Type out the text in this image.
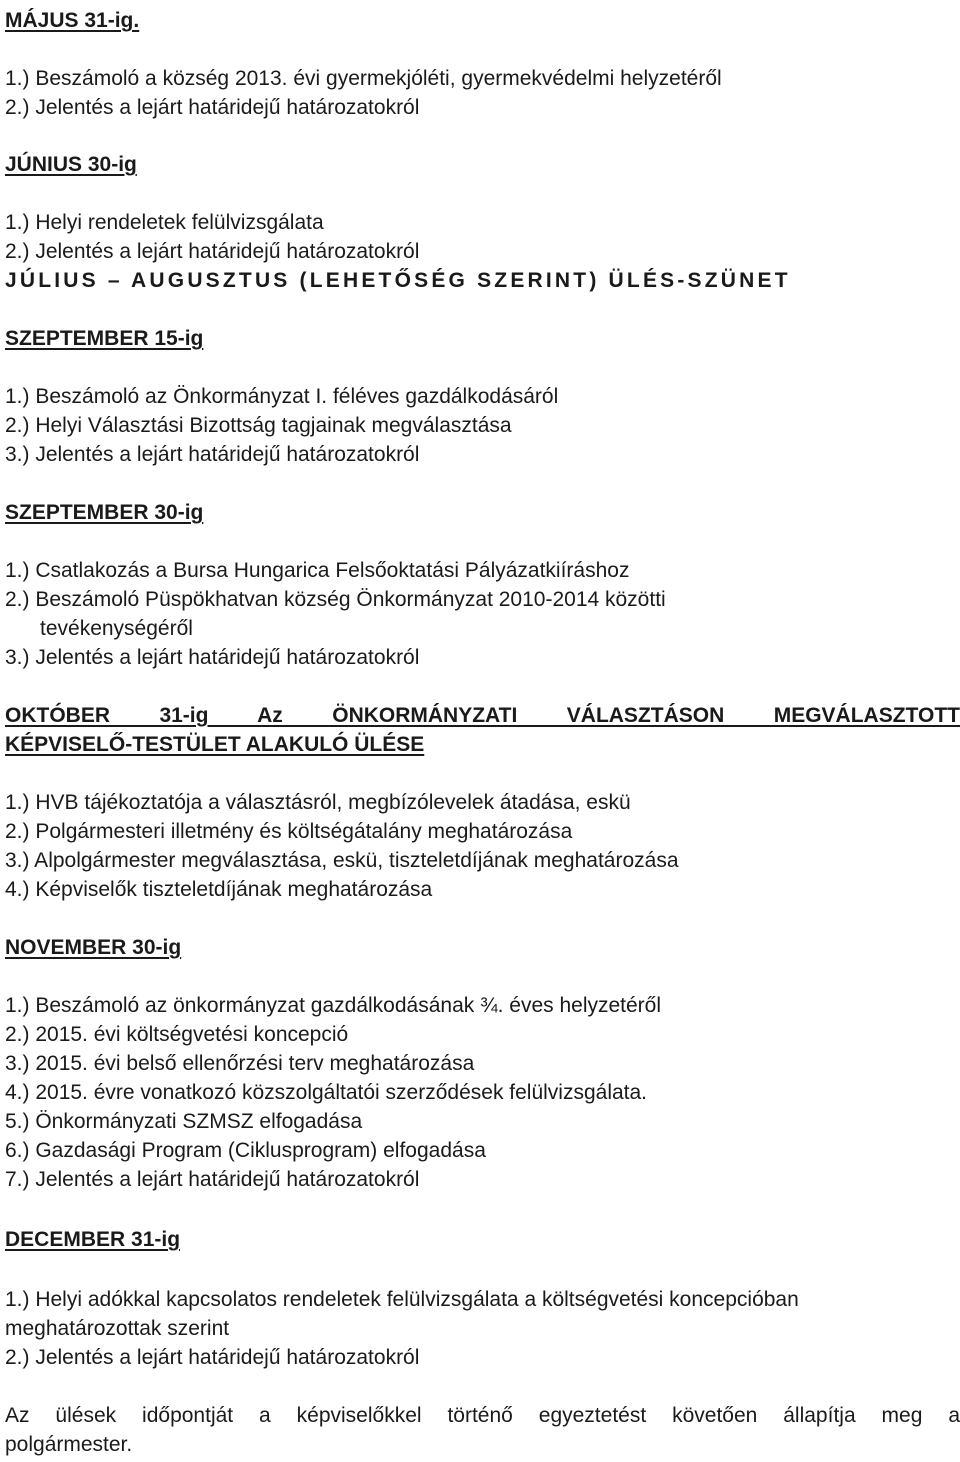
MÁJUS 31-ig.
1.) Beszámoló a község 2013. évi gyermekjóléti, gyermekvédelmi helyzetéről
2.) Jelentés a lejárt határidejű határozatokról
JÚNIUS 30-ig
1.) Helyi rendeletek felülvizsgálata
2.) Jelentés a lejárt határidejű határozatokról
JÚLIUS – AUGUSZTUS (LEHETŐSÉG SZERINT) ÜLÉS-SZÜNET
SZEPTEMBER 15-ig
1.) Beszámoló az Önkormányzat I. féléves gazdálkodásáról
2.) Helyi Választási Bizottság tagjainak megválasztása
3.) Jelentés a lejárt határidejű határozatokról
SZEPTEMBER 30-ig
1.) Csatlakozás a Bursa Hungarica Felsőoktatási Pályázatkiíráshoz
2.) Beszámoló Püspökhatvan község Önkormányzat 2010-2014 közötti
tevékenységéről
3.) Jelentés a lejárt határidejű határozatokról
OKTÓBER 31-ig Az ÖNKORMÁNYZATI VÁLASZTÁSON MEGVÁLASZTOTT
KÉPVISELŐ-TESTÜLET ALAKULÓ ÜLÉSE
1.) HVB tájékoztatója a választásról, megbízólevelek átadása, eskü
2.) Polgármesteri illetmény és költségátalány meghatározása
3.) Alpolgármester megválasztása, eskü, tiszteletdíjának meghatározása
4.) Képviselők tiszteletdíjának meghatározása
NOVEMBER 30-ig
1.) Beszámoló az önkormányzat gazdálkodásának ¾. éves helyzetéről
2.) 2015. évi költségvetési koncepció
3.) 2015. évi belső ellenőrzési terv meghatározása
4.) 2015. évre vonatkozó közszolgáltatói szerződések felülvizsgálata.
5.) Önkormányzati SZMSZ elfogadása
6.) Gazdasági Program (Ciklusprogram) elfogadása
7.) Jelentés a lejárt határidejű határozatokról
DECEMBER 31-ig
1.) Helyi adókkal kapcsolatos rendeletek felülvizsgálata a költségvetési koncepcióban
meghatározottak szerint
2.) Jelentés a lejárt határidejű határozatokról
Az ülések időpontját a képviselőkkel történő egyeztetést követően állapítja meg a
polgármester.
